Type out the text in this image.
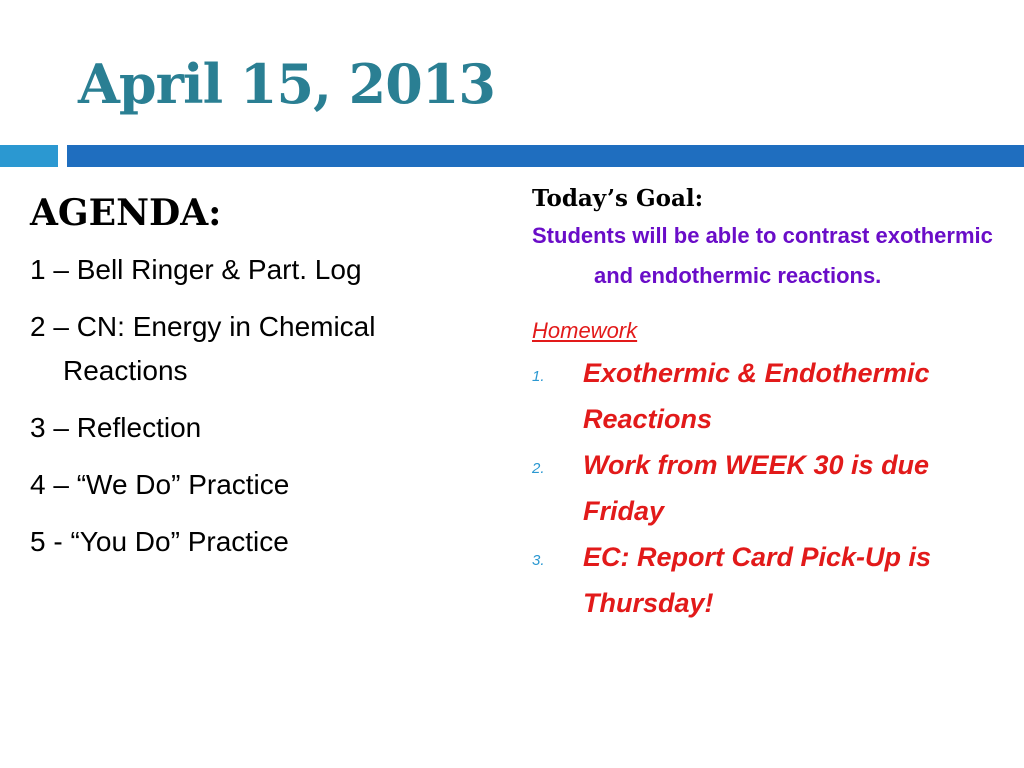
April 15, 2013
AGENDA:
1 – Bell Ringer & Part. Log
2 – CN: Energy in Chemical Reactions
3 – Reflection
4 – “We Do” Practice
5 - “You Do” Practice
Today’s Goal:
Students will be able to contrast exothermic and endothermic reactions.
Homework
1. Exothermic & Endothermic Reactions
2. Work from WEEK 30 is due Friday
3. EC: Report Card Pick-Up is Thursday!
